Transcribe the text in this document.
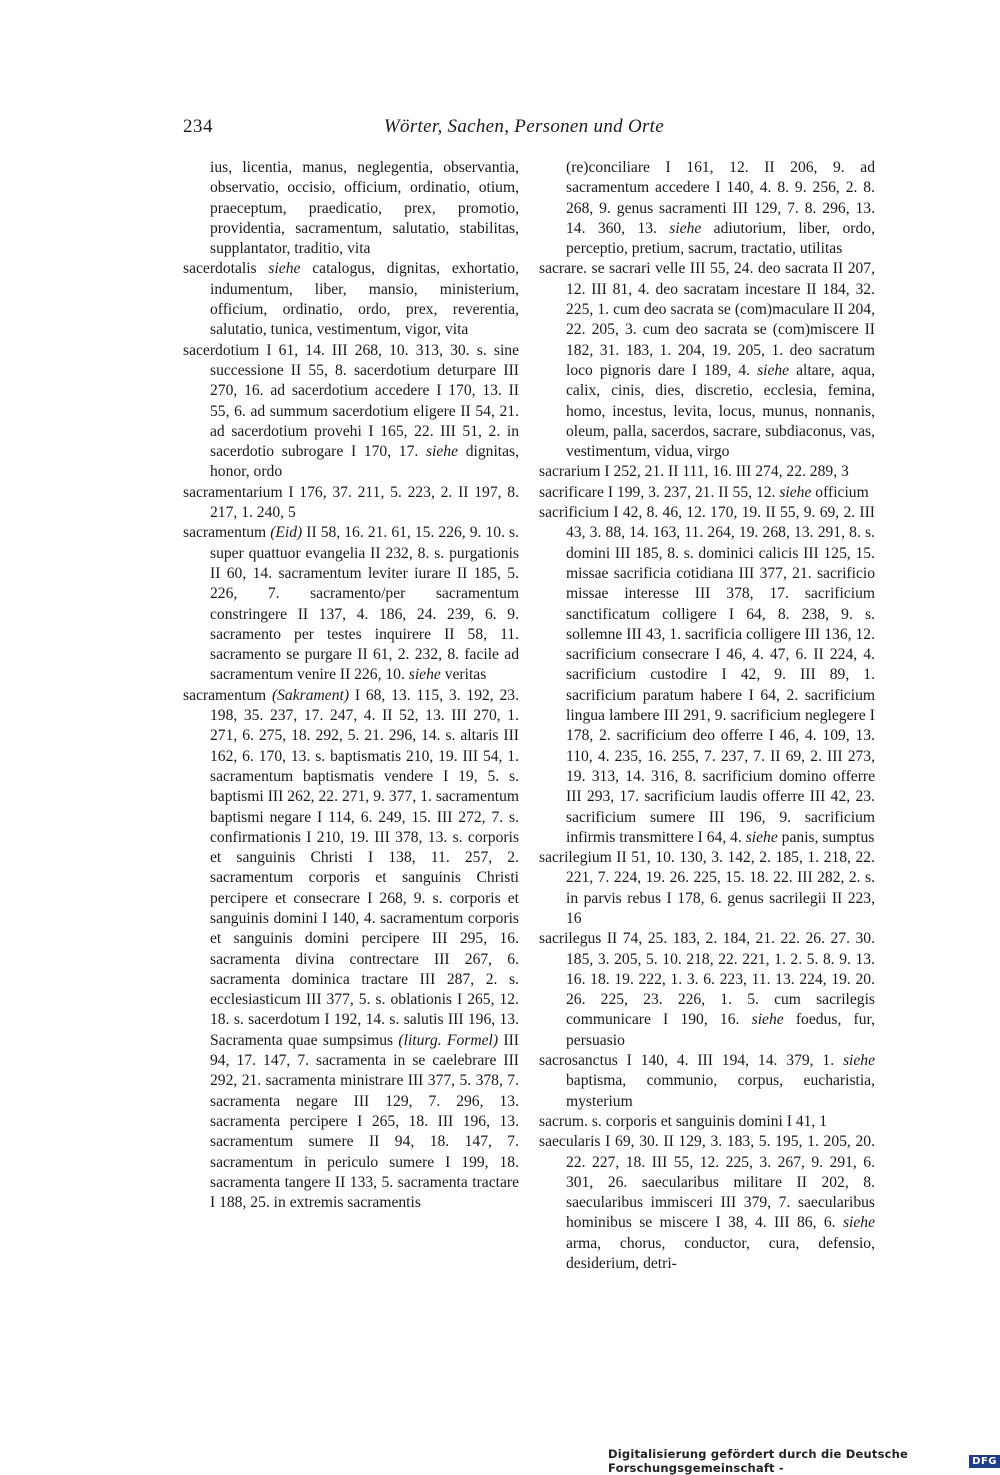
234	Wörter, Sachen, Personen und Orte

ius, licentia, manus, neglegentia, observantia, observatio, occisio, officium, ordinatio, otium, praeceptum, praedicatio, prex, promotio, providentia, sacramentum, salutatio, stabilitas, supplantator, traditio, vita

sacerdotalis siehe catalogus, dignitas, exhortatio, indumentum, liber, mansio, ministerium, officium, ordinatio, ordo, prex, reverentia, salutatio, tunica, vestimentum, vigor, vita

sacerdotium I 61, 14. III 268, 10. 313, 30. s. sine successione II 55, 8. sacerdotium deturpare III 270, 16. ad sacerdotium accedere I 170, 13. II 55, 6. ad summum sacerdotium eligere II 54, 21. ad sacerdotium provehi I 165, 22. III 51, 2. in sacerdotio subrogare I 170, 17. siehe dignitas, honor, ordo

sacramentarium I 176, 37. 211, 5. 223, 2. II 197, 8. 217, 1. 240, 5

sacramentum (Eid) II 58, 16. 21. 61, 15. 226, 9. 10. s. super quattuor evangelia II 232, 8. s. purgationis II 60, 14. sacramentum leviter iurare II 185, 5. 226, 7. sacramento/per sacramentum constringere II 137, 4. 186, 24. 239, 6. 9. sacramento per testes inquirere II 58, 11. sacramento se purgare II 61, 2. 232, 8. facile ad sacramentum venire II 226, 10. siehe veritas

sacramentum (Sakrament) I 68, 13. 115, 3. 192, 23. 198, 35. 237, 17. 247, 4. II 52, 13. III 270, 1. 271, 6. 275, 18. 292, 5. 21. 296, 14. s. altaris III 162, 6. 170, 13. s. baptismatis 210, 19. III 54, 1. sacramentum baptismatis vendere I 19, 5. s. baptismi III 262, 22. 271, 9. 377, 1. sacramentum baptismi negare I 114, 6. 249, 15. III 272, 7. s. confirmationis I 210, 19. III 378, 13. s. corporis et sanguinis Christi I 138, 11. 257, 2. sacramentum corporis et sanguinis Christi percipere et consecrare I 268, 9. s. corporis et sanguinis domini I 140, 4. sacramentum corporis et sanguinis domini percipere III 295, 16. sacramenta divina contrectare III 267, 6. sacramenta dominica tractare III 287, 2. s. ecclesiasticum III 377, 5. s. oblationis I 265, 12. 18. s. sacerdotum I 192, 14. s. salutis III 196, 13. Sacramenta quae sumpsimus (liturg. Formel) III 94, 17. 147, 7. sacramenta in se caelebrare III 292, 21. sacramenta ministrare III 377, 5. 378, 7. sacramenta negare III 129, 7. 296, 13. sacramenta percipere I 265, 18. III 196, 13. sacramentum sumere II 94, 18. 147, 7. sacramentum in periculo sumere I 199, 18. sacramenta tangere II 133, 5. sacramenta tractare I 188, 25. in extremis sacramentis

(re)conciliare I 161, 12. II 206, 9. ad sacramentum accedere I 140, 4. 8. 9. 256, 2. 8. 268, 9. genus sacramenti III 129, 7. 8. 296, 13. 14. 360, 13. siehe adiutorium, liber, ordo, perceptio, pretium, sacrum, tractatio, utilitas

sacrare. se sacrari velle III 55, 24. deo sacrata II 207, 12. III 81, 4. deo sacratam incestare II 184, 32. 225, 1. cum deo sacrata se (com)maculare II 204, 22. 205, 3. cum deo sacrata se (com)miscere II 182, 31. 183, 1. 204, 19. 205, 1. deo sacratum loco pignoris dare I 189, 4. siehe altare, aqua, calix, cinis, dies, discretio, ecclesia, femina, homo, incestus, levita, locus, munus, nonnanis, oleum, palla, sacerdos, sacrare, subdiaconus, vas, vestimentum, vidua, virgo

sacrarium I 252, 21. II 111, 16. III 274, 22. 289, 3

sacrificare I 199, 3. 237, 21. II 55, 12. siehe officium

sacrificium I 42, 8. 46, 12. 170, 19. II 55, 9. 69, 2. III 43, 3. 88, 14. 163, 11. 264, 19. 268, 13. 291, 8. s. domini III 185, 8. s. dominici calicis III 125, 15. missae sacrificia cotidiana III 377, 21. sacrificio missae interesse III 378, 17. sacrificium sanctificatum colligere I 64, 8. 238, 9. s. sollemne III 43, 1. sacrificia colligere III 136, 12. sacrificium consecrare I 46, 4. 47, 6. II 224, 4. sacrificium custodire I 42, 9. III 89, 1. sacrificium paratum habere I 64, 2. sacrificium lingua lambere III 291, 9. sacrificium neglegere I 178, 2. sacrificium deo offerre I 46, 4. 109, 13. 110, 4. 235, 16. 255, 7. 237, 7. II 69, 2. III 273, 19. 313, 14. 316, 8. sacrificium domino offerre III 293, 17. sacrificium laudis offerre III 42, 23. sacrificium sumere III 196, 9. sacrificium infirmis transmittere I 64, 4. siehe panis, sumptus

sacrilegium II 51, 10. 130, 3. 142, 2. 185, 1. 218, 22. 221, 7. 224, 19. 26. 225, 15. 18. 22. III 282, 2. s. in parvis rebus I 178, 6. genus sacrilegii II 223, 16

sacrilegus II 74, 25. 183, 2. 184, 21. 22. 26. 27. 30. 185, 3. 205, 5. 10. 218, 22. 221, 1. 2. 5. 8. 9. 13. 16. 18. 19. 222, 1. 3. 6. 223, 11. 13. 224, 19. 20. 26. 225, 23. 226, 1. 5. cum sacrilegis communicare I 190, 16. siehe foedus, fur, persuasio

sacrosanctus I 140, 4. III 194, 14. 379, 1. siehe baptisma, communio, corpus, eucharistia, mysterium

sacrum. s. corporis et sanguinis domini I 41, 1

saecularis I 69, 30. II 129, 3. 183, 5. 195, 1. 205, 20. 22. 227, 18. III 55, 12. 225, 3. 267, 9. 291, 6. 301, 26. saecularibus militare II 202, 8. saecularibus immisceri III 379, 7. saecularibus hominibus se miscere I 38, 4. III 86, 6. siehe arma, chorus, conductor, cura, defensio, desiderium, detri-

Digitalisierung gefördert durch die Deutsche Forschungsgemeinschaft -	DFG
